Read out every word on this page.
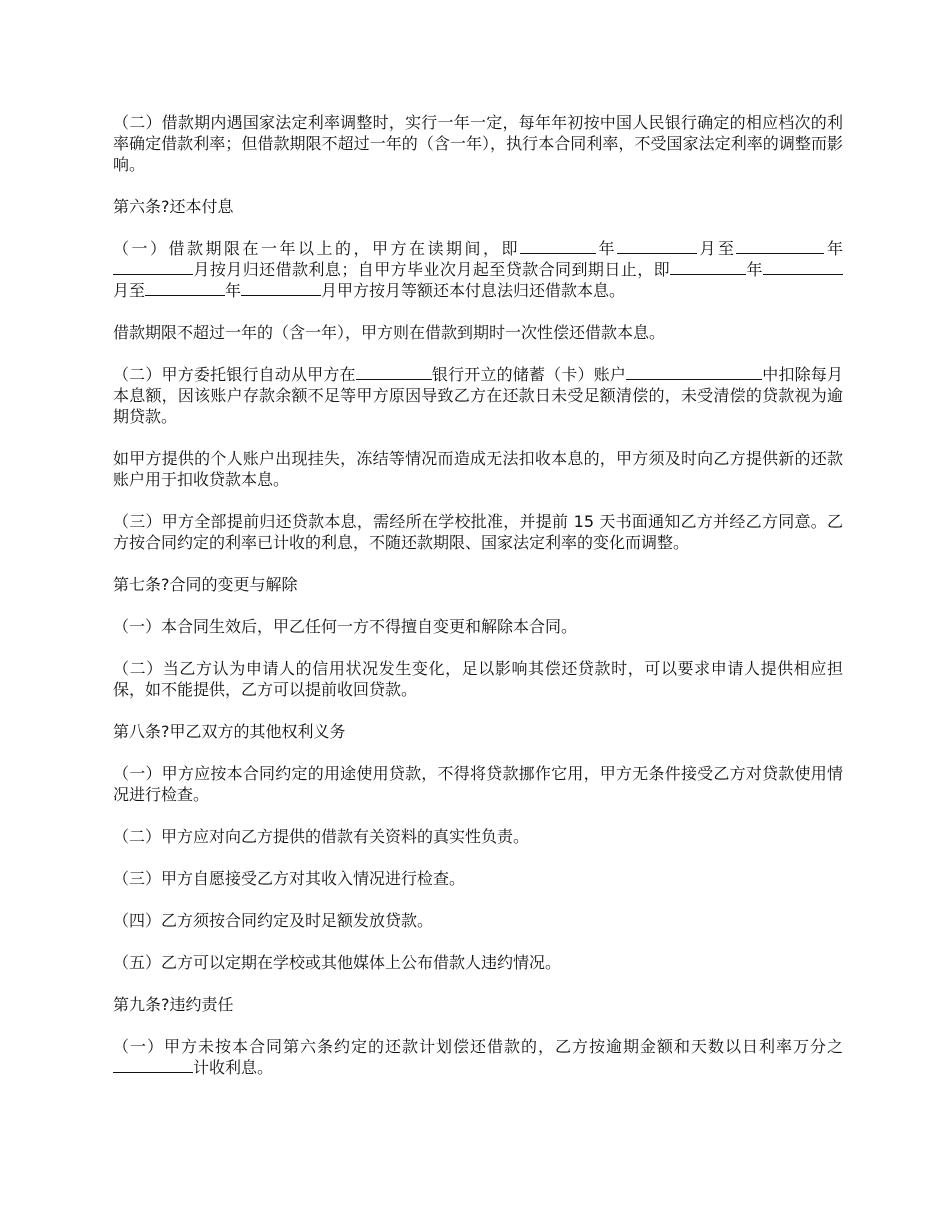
（二）借款期内遇国家法定利率调整时，实行一年一定，每年年初按中国人民银行确定的相应档次的利率确定借款利率；但借款期限不超过一年的（含一年），执行本合同利率，不受国家法定利率的调整而影响。

第六条?还本付息

（一）借款期限在一年以上的，甲方在读期间，即	年	月至	年月按月归还借款利息；自甲方毕业次月起至贷款合同到期日止，即	年月至	年	月甲方按月等额还本付息法归还借款本息。

借款期限不超过一年的（含一年），甲方则在借款到期时一次性偿还借款本息。

（二）甲方委托银行自动从甲方在	银行开立的储蓄（卡）账户	中扣除每月本息额，因该账户存款余额不足等甲方原因导致乙方在还款日未受足额清偿的，未受清偿的贷款视为逾期贷款。

如甲方提供的个人账户出现挂失，冻结等情况而造成无法扣收本息的，甲方须及时向乙方提供新的还款账户用于扣收贷款本息。

（三）甲方全部提前归还贷款本息，需经所在学校批准，并提前 15 天书面通知乙方并经乙方同意。乙方按合同约定的利率已计收的利息，不随还款期限、国家法定利率的变化而调整。

第七条?合同的变更与解除

（一）本合同生效后，甲乙任何一方不得擅自变更和解除本合同。

（二）当乙方认为申请人的信用状况发生变化，足以影响其偿还贷款时，可以要求申请人提供相应担保，如不能提供，乙方可以提前收回贷款。

第八条?甲乙双方的其他权利义务

（一）甲方应按本合同约定的用途使用贷款，不得将贷款挪作它用，甲方无条件接受乙方对贷款使用情况进行检查。

（二）甲方应对向乙方提供的借款有关资料的真实性负责。

（三）甲方自愿接受乙方对其收入情况进行检查。

（四）乙方须按合同约定及时足额发放贷款。

（五）乙方可以定期在学校或其他媒体上公布借款人违约情况。

第九条?违约责任

（一）甲方未按本合同第六条约定的还款计划偿还借款的，乙方按逾期金额和天数以日利率万分之计收利息。
